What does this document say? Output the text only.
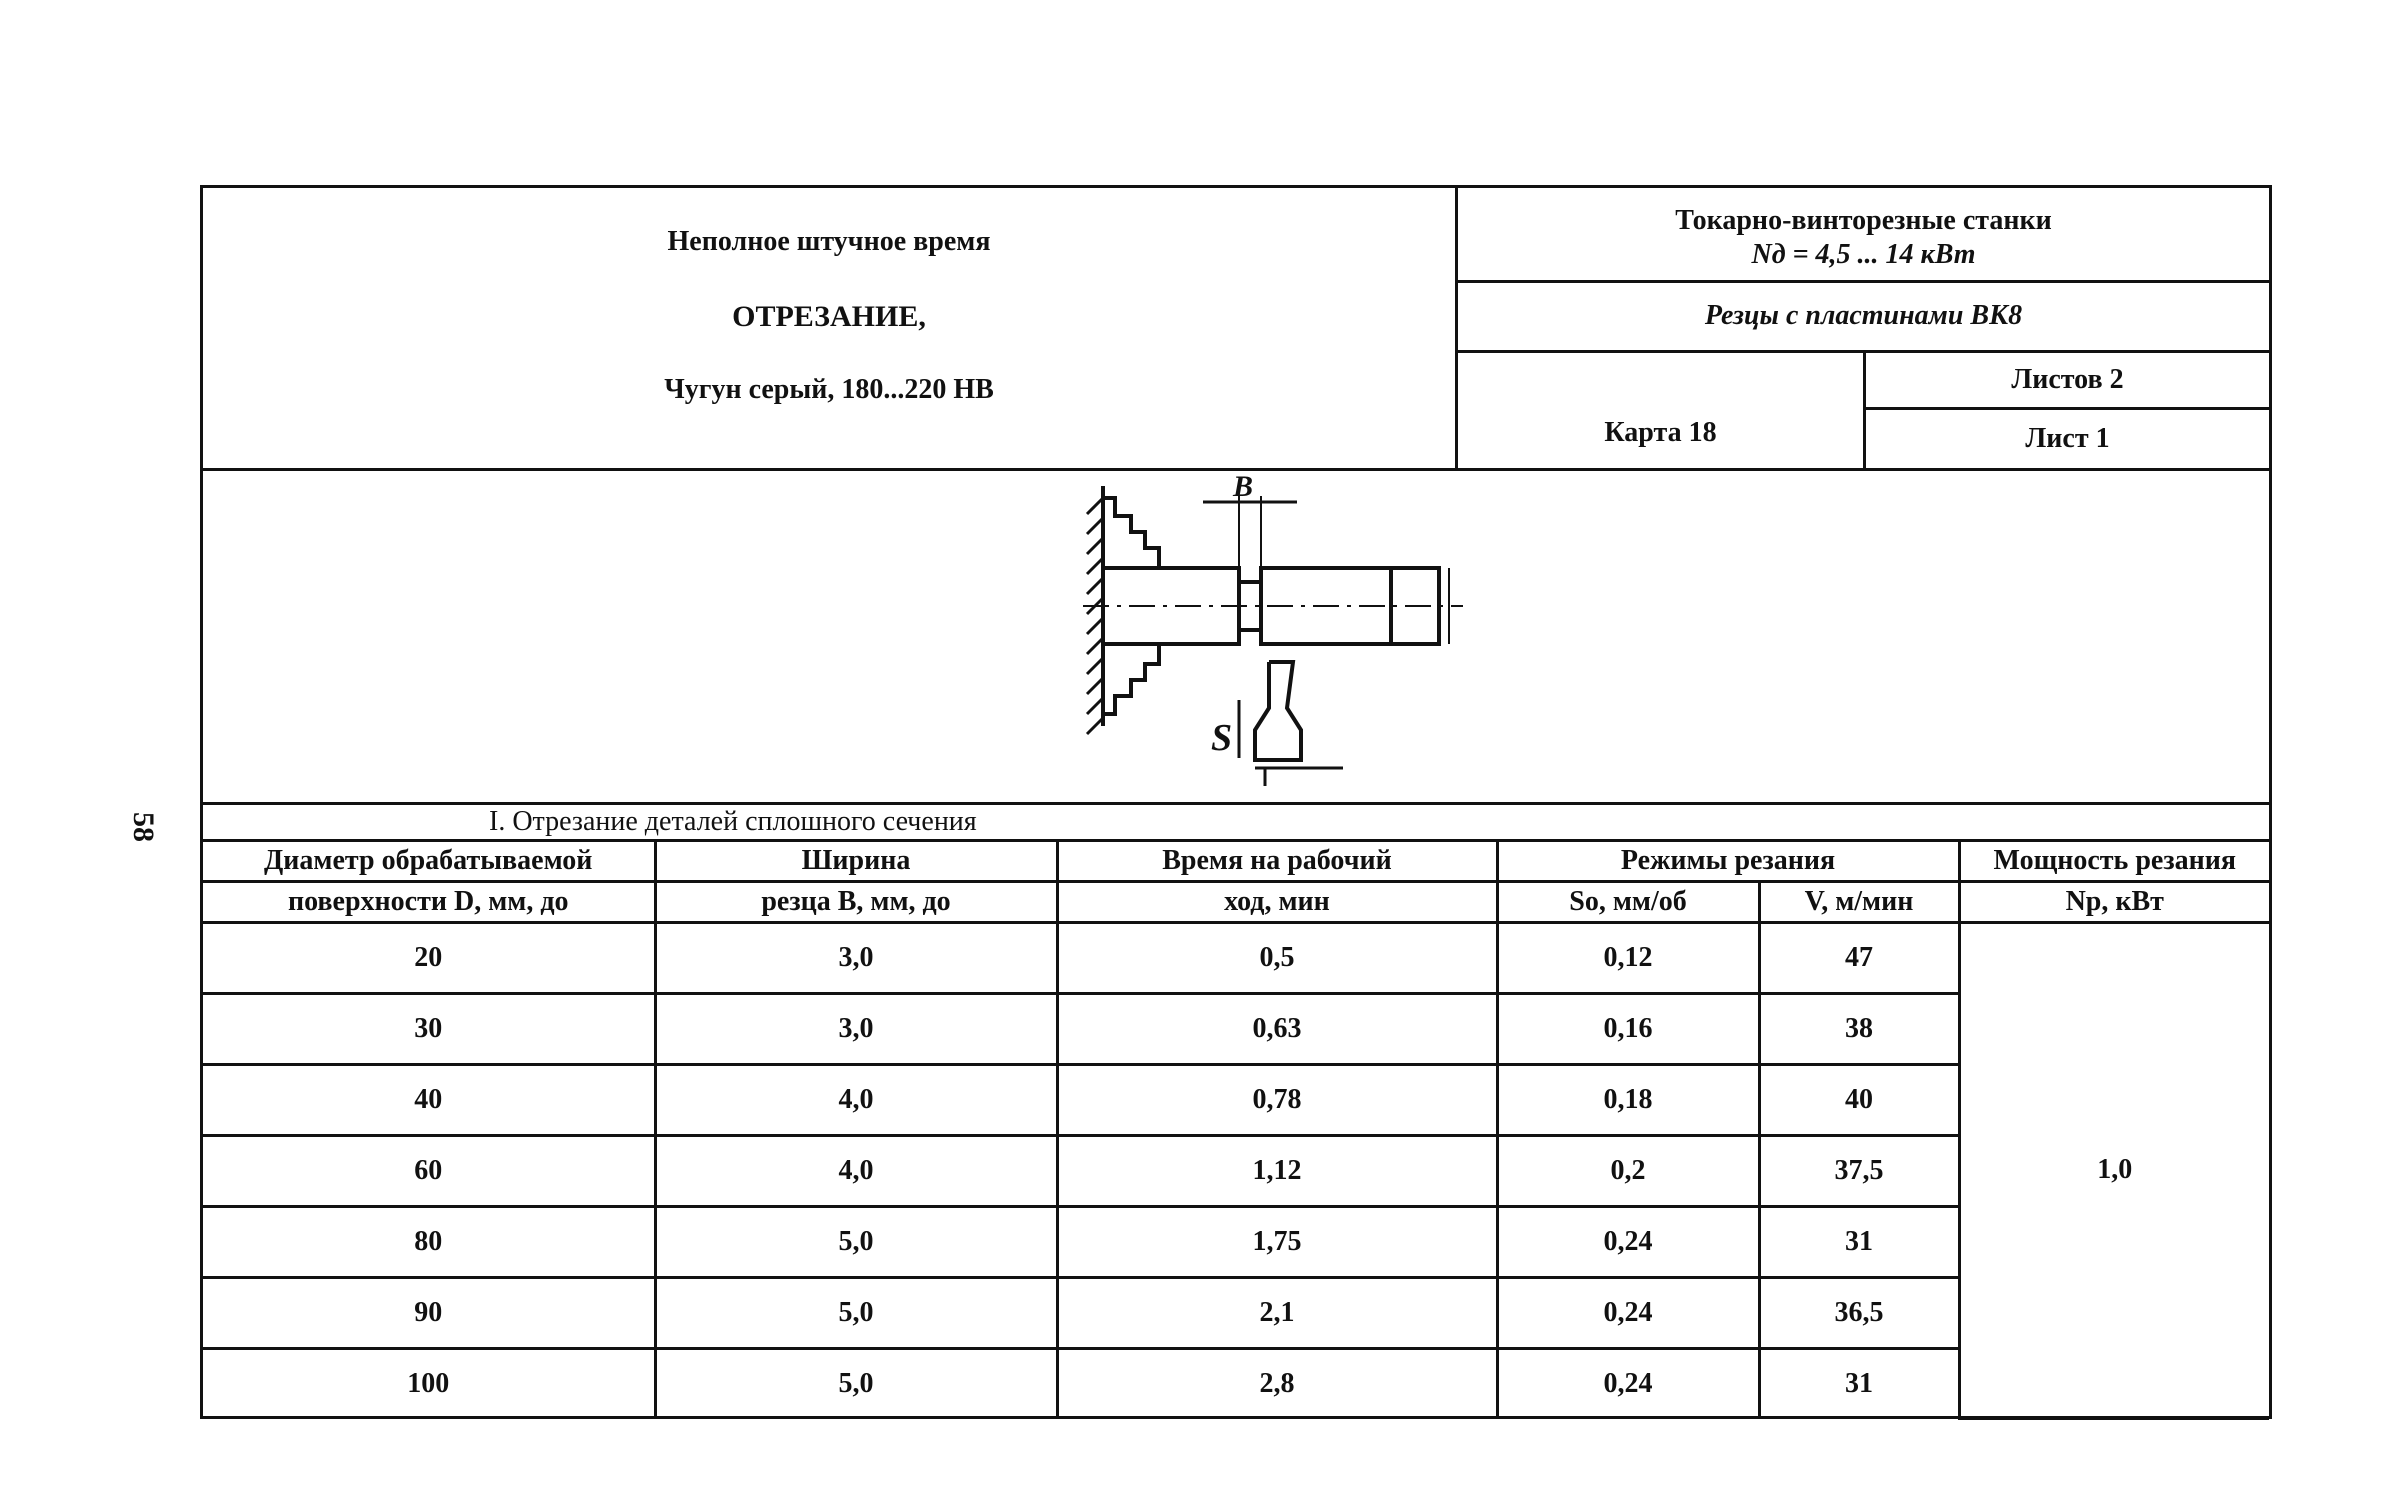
58
Неполное штучное время
ОТРЕЗАНИЕ,
Чугун серый, 180...220 НВ
Токарно-винторезные станки
Nд = 4,5 ... 14 кВт
Резцы с пластинами ВК8
Карта 18
Листов 2
Лист 1
B
S
I. Отрезание деталей сплошного сечения
Диаметр обрабатываемой	Ширина	Время на рабочий	Режимы резания		Мощность резания
поверхности D, мм, до	резца B, мм, до	ход, мин	So, мм/об	V, м/мин	Nр, кВт
20	3,0	0,5	0,12	47	1,0
30	3,0	0,63	0,16	38	
40	4,0	0,78	0,18	40	
60	4,0	1,12	0,2	37,5	
80	5,0	1,75	0,24	31	
90	5,0	2,1	0,24	36,5	
100	5,0	2,8	0,24	31	
